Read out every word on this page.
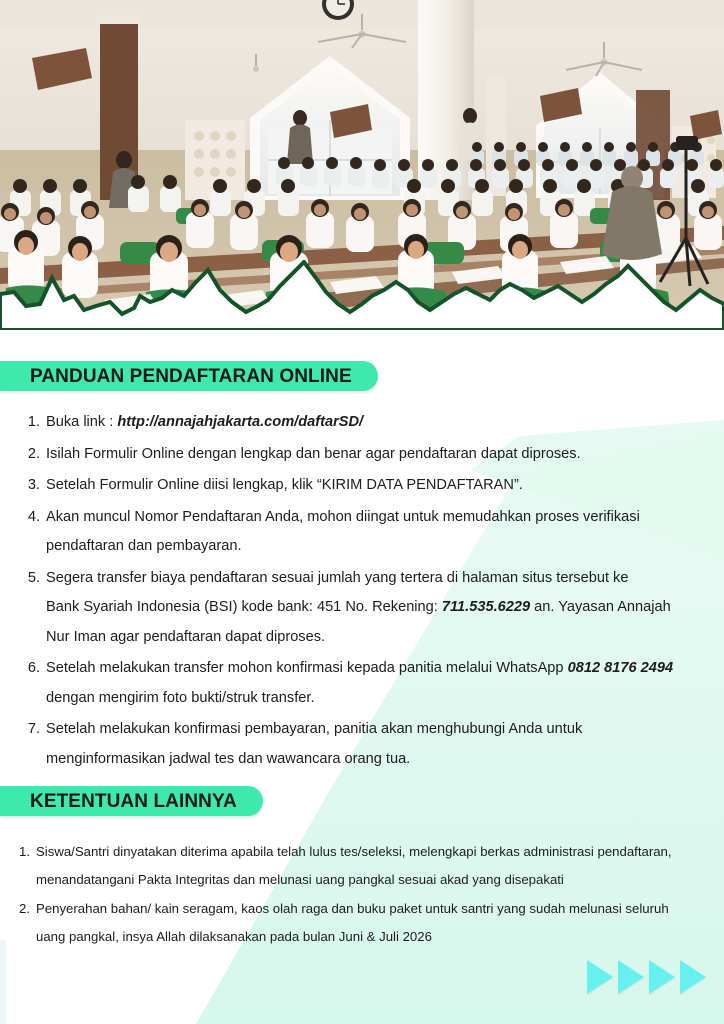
PANDUAN PENDAFTARAN ONLINE
1. Buka link : http://annajahjakarta.com/daftarSD/
2. Isilah Formulir Online dengan lengkap dan benar agar pendaftaran dapat diproses.
3. Setelah Formulir Online diisi lengkap, klik “KIRIM DATA PENDAFTARAN”.
4. Akan muncul Nomor Pendaftaran Anda, mohon diingat untuk memudahkan proses verifikasi
pendaftaran dan pembayaran.
5. Segera transfer biaya pendaftaran sesuai jumlah yang tertera di halaman situs tersebut ke
Bank Syariah Indonesia (BSI) kode bank: 451 No. Rekening: 711.535.6229 an. Yayasan Annajah
Nur Iman agar pendaftaran dapat diproses.
6. Setelah melakukan transfer mohon konfirmasi kepada panitia melalui WhatsApp 0812 8176 2494
dengan mengirim foto bukti/struk transfer.
7. Setelah melakukan konfirmasi pembayaran, panitia akan menghubungi Anda untuk
menginformasikan jadwal tes dan wawancara orang tua.
KETENTUAN LAINNYA
1. Siswa/Santri dinyatakan diterima apabila telah lulus tes/seleksi, melengkapi berkas administrasi pendaftaran,
menandatangani Pakta Integritas dan melunasi uang pangkal sesuai akad yang disepakati
2. Penyerahan bahan/ kain seragam, kaos olah raga dan buku paket untuk santri yang sudah melunasi seluruh
uang pangkal, insya Allah dilaksanakan pada bulan Juni & Juli 2026
